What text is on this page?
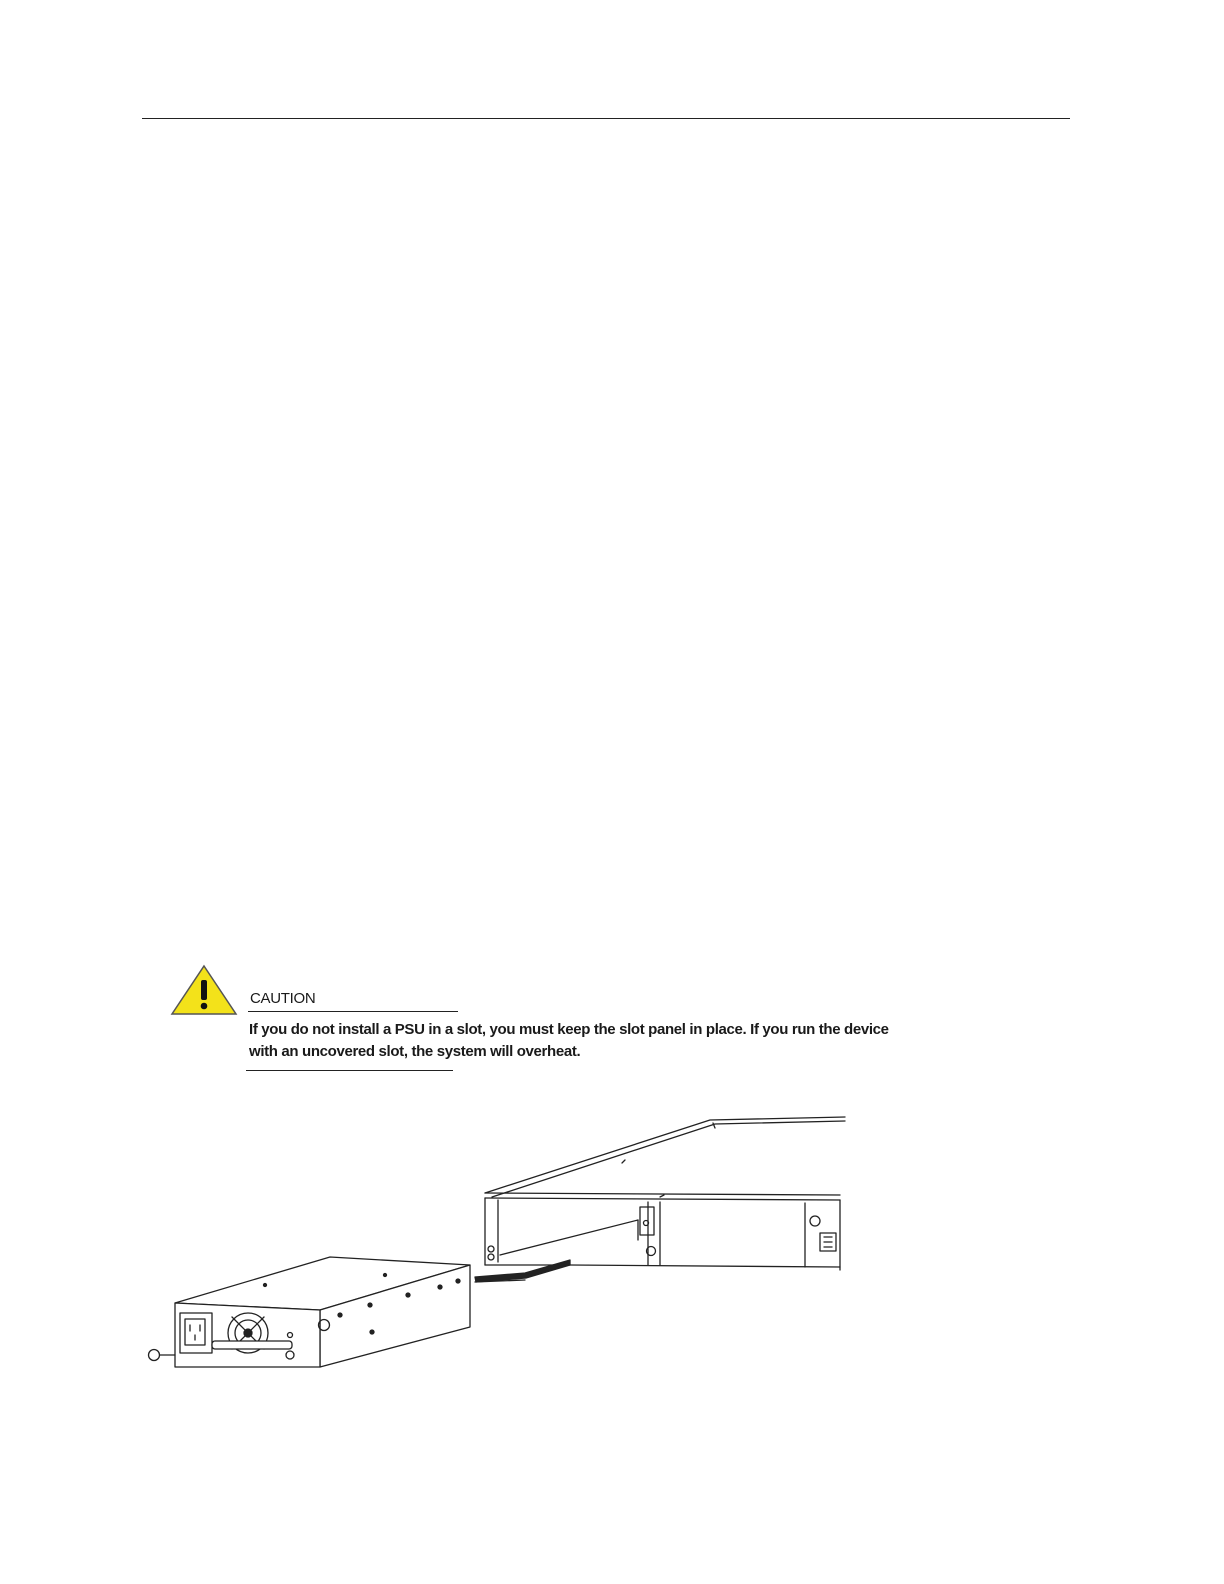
CAUTION
If you do not install a PSU in a slot, you must keep the slot panel in place. If you run the device
with an uncovered slot, the system will overheat.
